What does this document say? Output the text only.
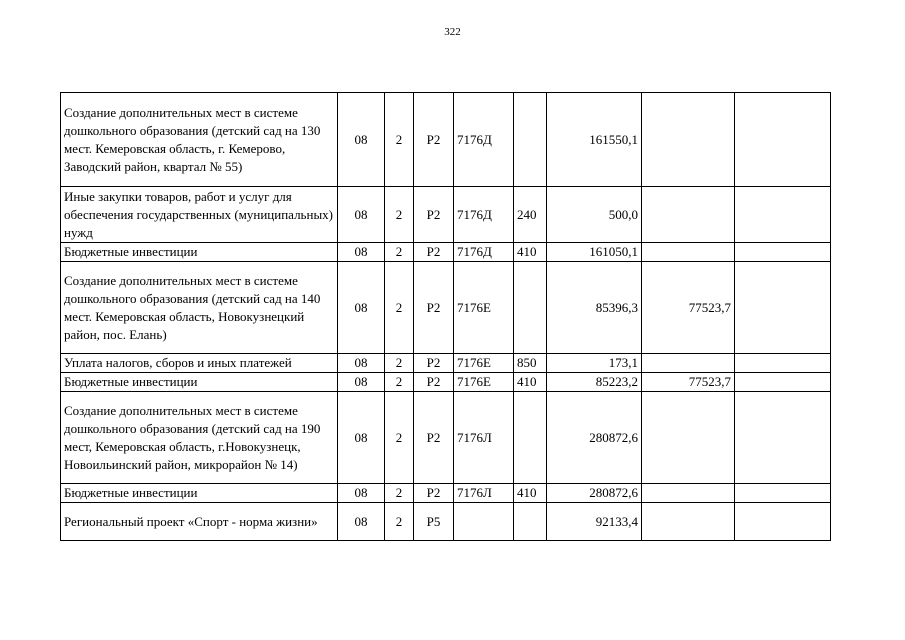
322
Создание дополнительных мест в системе дошкольного образования (детский сад на 130 мест. Кемеровская область, г. Кемерово, Заводский район, квартал № 55)	08	2	Р2	7176Д		161550,1		
Иные закупки товаров, работ и услуг для обеспечения государственных (муниципальных) нужд	08	2	Р2	7176Д	240	500,0		
Бюджетные инвестиции	08	2	Р2	7176Д	410	161050,1		
Создание дополнительных мест в системе дошкольного образования (детский сад на 140 мест. Кемеровская область, Новокузнецкий район, пос. Елань)	08	2	Р2	7176Е		85396,3	77523,7	
Уплата налогов, сборов и иных платежей	08	2	Р2	7176Е	850	173,1		
Бюджетные инвестиции	08	2	Р2	7176Е	410	85223,2	77523,7	
Создание дополнительных мест в системе дошкольного образования (детский сад на 190 мест, Кемеровская область, г.Новокузнецк, Новоильинский район, микрорайон № 14)	08	2	Р2	7176Л		280872,6		
Бюджетные инвестиции	08	2	Р2	7176Л	410	280872,6		
Региональный проект «Спорт - норма жизни»	08	2	Р5			92133,4		
